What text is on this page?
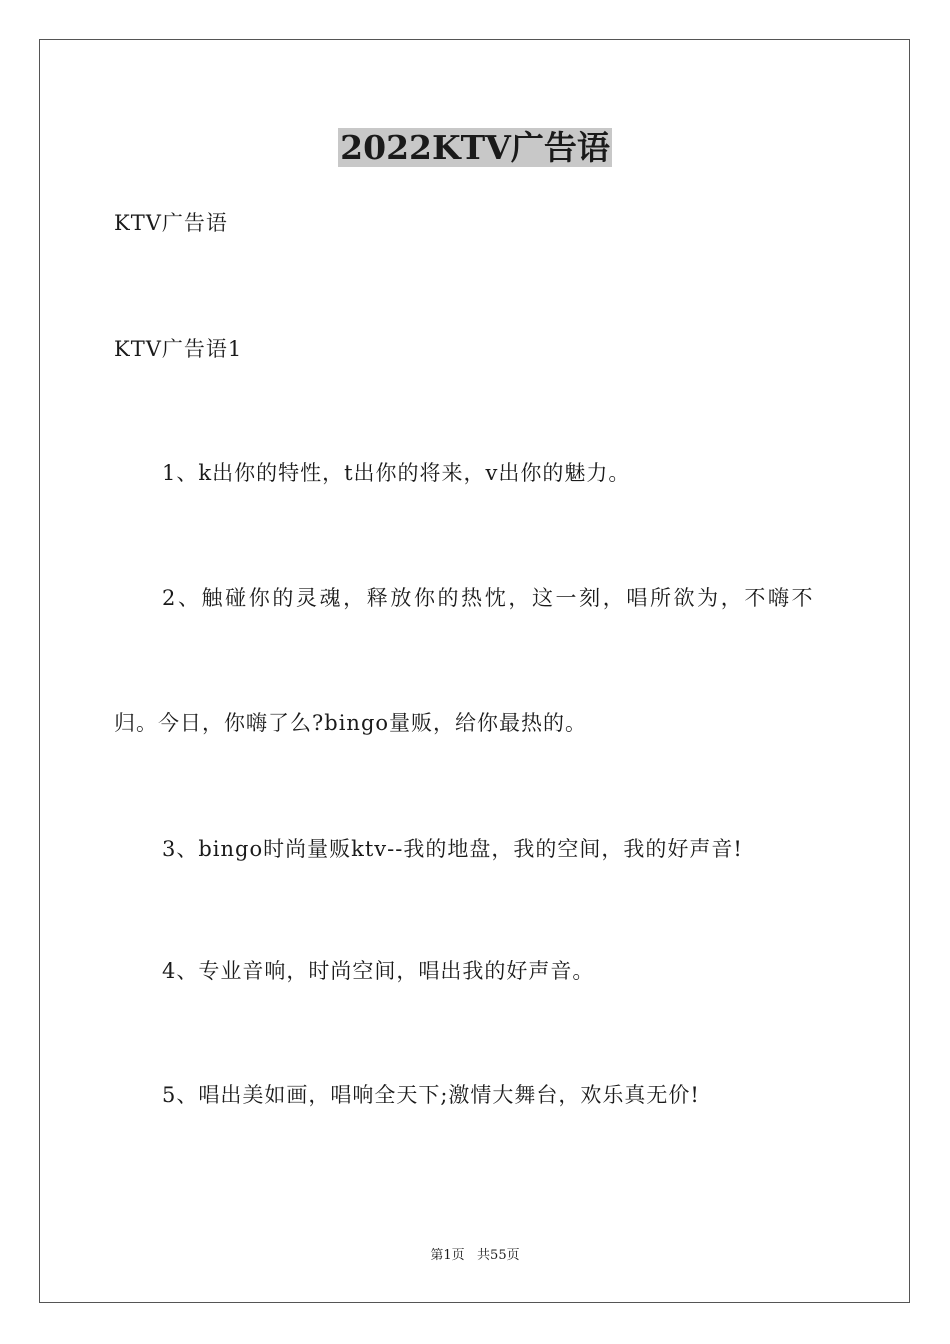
2022KTV广告语
KTV广告语
KTV广告语1
1、k出你的特性，t出你的将来，v出你的魅力。
2、触碰你的灵魂，释放你的热忱，这一刻，唱所欲为，不嗨不
归。今日，你嗨了么?bingo量贩，给你最热的。
3、bingo时尚量贩ktv--我的地盘，我的空间，我的好声音!
4、专业音响，时尚空间，唱出我的好声音。
5、唱出美如画，唱响全天下;激情大舞台，欢乐真无价!
第1页   共55页
